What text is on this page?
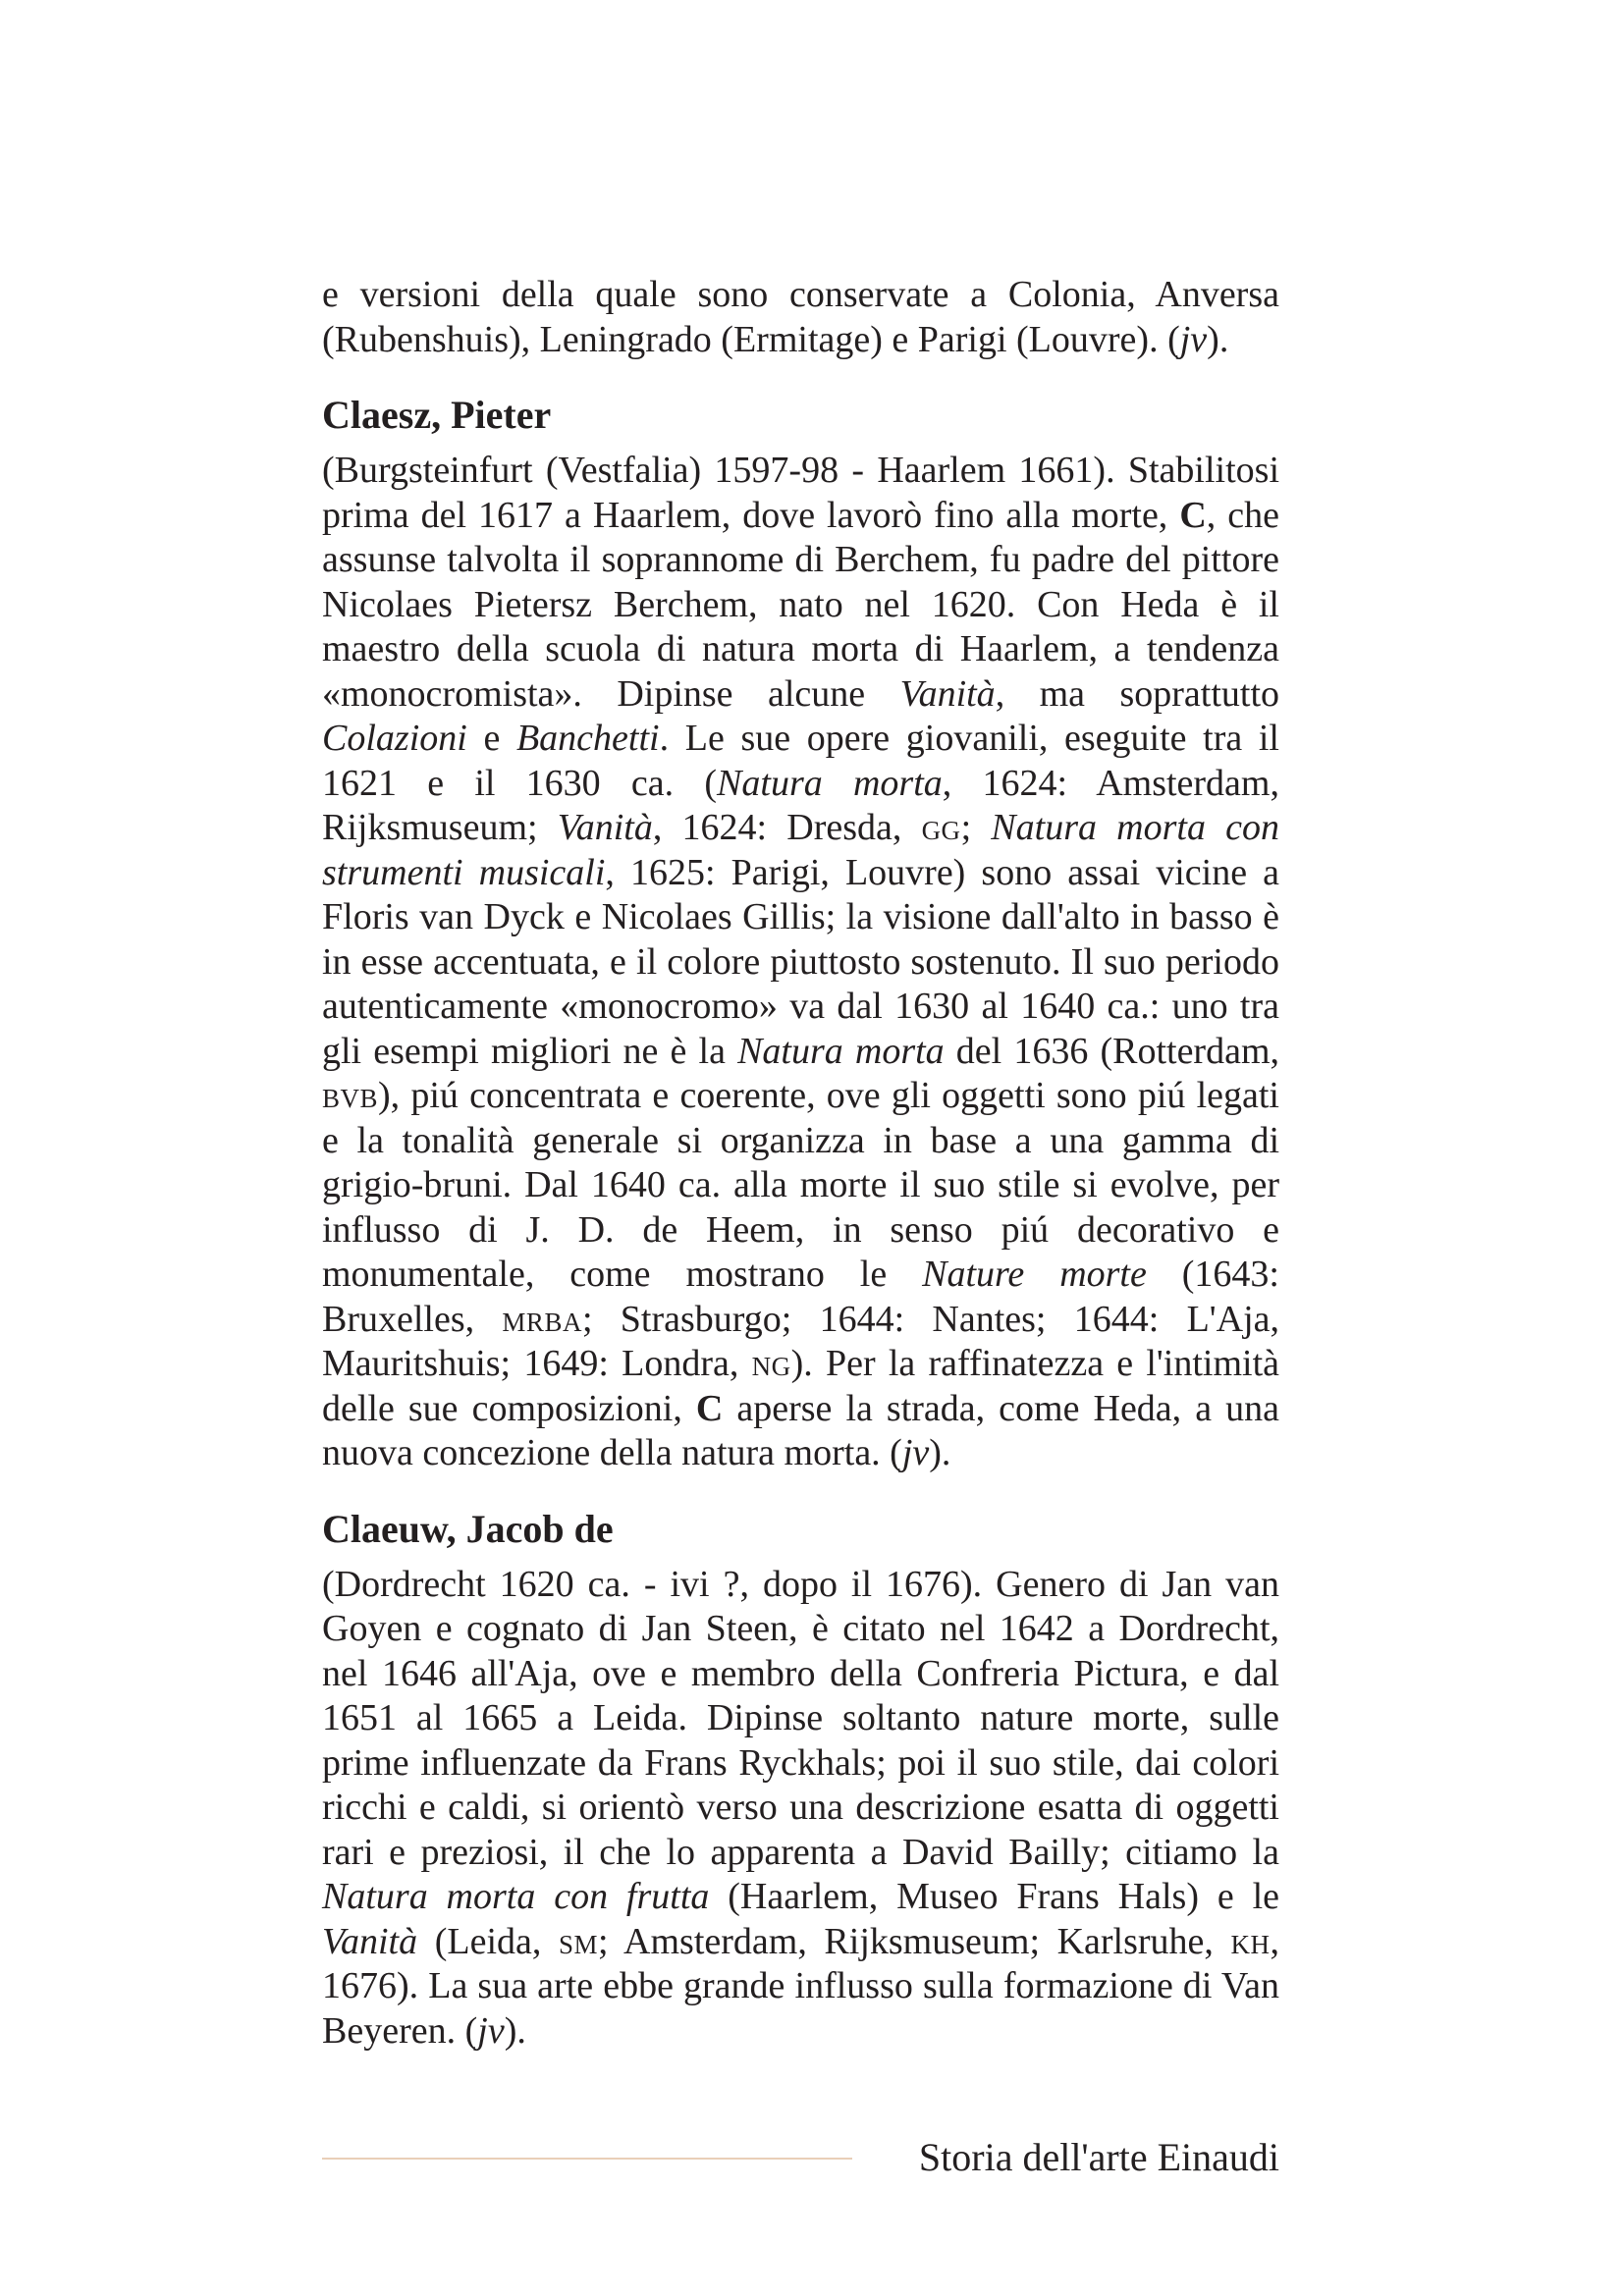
e versioni della quale sono conservate a Colonia, Anversa (Rubenshuis), Leningrado (Ermitage) e Parigi (Louvre). (jv).

Claesz, Pieter

(Burgsteinfurt (Vestfalia) 1597-98 - Haarlem 1661). Stabilitosi prima del 1617 a Haarlem, dove lavorò fino alla morte, C, che assunse talvolta il soprannome di Berchem, fu padre del pittore Nicolaes Pietersz Berchem, nato nel 1620. Con Heda è il maestro della scuola di natura morta di Haarlem, a tendenza «monocromista». Dipinse alcune Vanità, ma soprattutto Colazioni e Banchetti. Le sue opere giovanili, eseguite tra il 1621 e il 1630 ca. (Natura morta, 1624: Amsterdam, Rijksmuseum; Vanità, 1624: Dresda, gg; Natura morta con strumenti musicali, 1625: Parigi, Louvre) sono assai vicine a Floris van Dyck e Nicolaes Gillis; la visione dall'alto in basso è in esse accentuata, e il colore piuttosto sostenuto. Il suo periodo autenticamente «monocromo» va dal 1630 al 1640 ca.: uno tra gli esempi migliori ne è la Natura morta del 1636 (Rotterdam, bvb), piú concentrata e coerente, ove gli oggetti sono piú legati e la tonalità generale si organizza in base a una gamma di grigio-bruni. Dal 1640 ca. alla morte il suo stile si evolve, per influsso di J. D. de Heem, in senso piú decorativo e monumentale, come mostrano le Nature morte (1643: Bruxelles, mrba; Strasburgo; 1644: Nantes; 1644: L'Aja, Mauritshuis; 1649: Londra, ng). Per la raffinatezza e l'intimità delle sue composizioni, C aperse la strada, come Heda, a una nuova concezione della natura morta. (jv).

Claeuw, Jacob de

(Dordrecht 1620 ca. - ivi ?, dopo il 1676). Genero di Jan van Goyen e cognato di Jan Steen, è citato nel 1642 a Dordrecht, nel 1646 all'Aja, ove e membro della Confreria Pictura, e dal 1651 al 1665 a Leida. Dipinse soltanto nature morte, sulle prime influenzate da Frans Ryckhals; poi il suo stile, dai colori ricchi e caldi, si orientò verso una descrizione esatta di oggetti rari e preziosi, il che lo apparenta a David Bailly; citiamo la Natura morta con frutta (Haarlem, Museo Frans Hals) e le Vanità (Leida, sm; Amsterdam, Rijksmuseum; Karlsruhe, kh, 1676). La sua arte ebbe grande influsso sulla formazione di Van Beyeren. (jv).

Storia dell'arte Einaudi
